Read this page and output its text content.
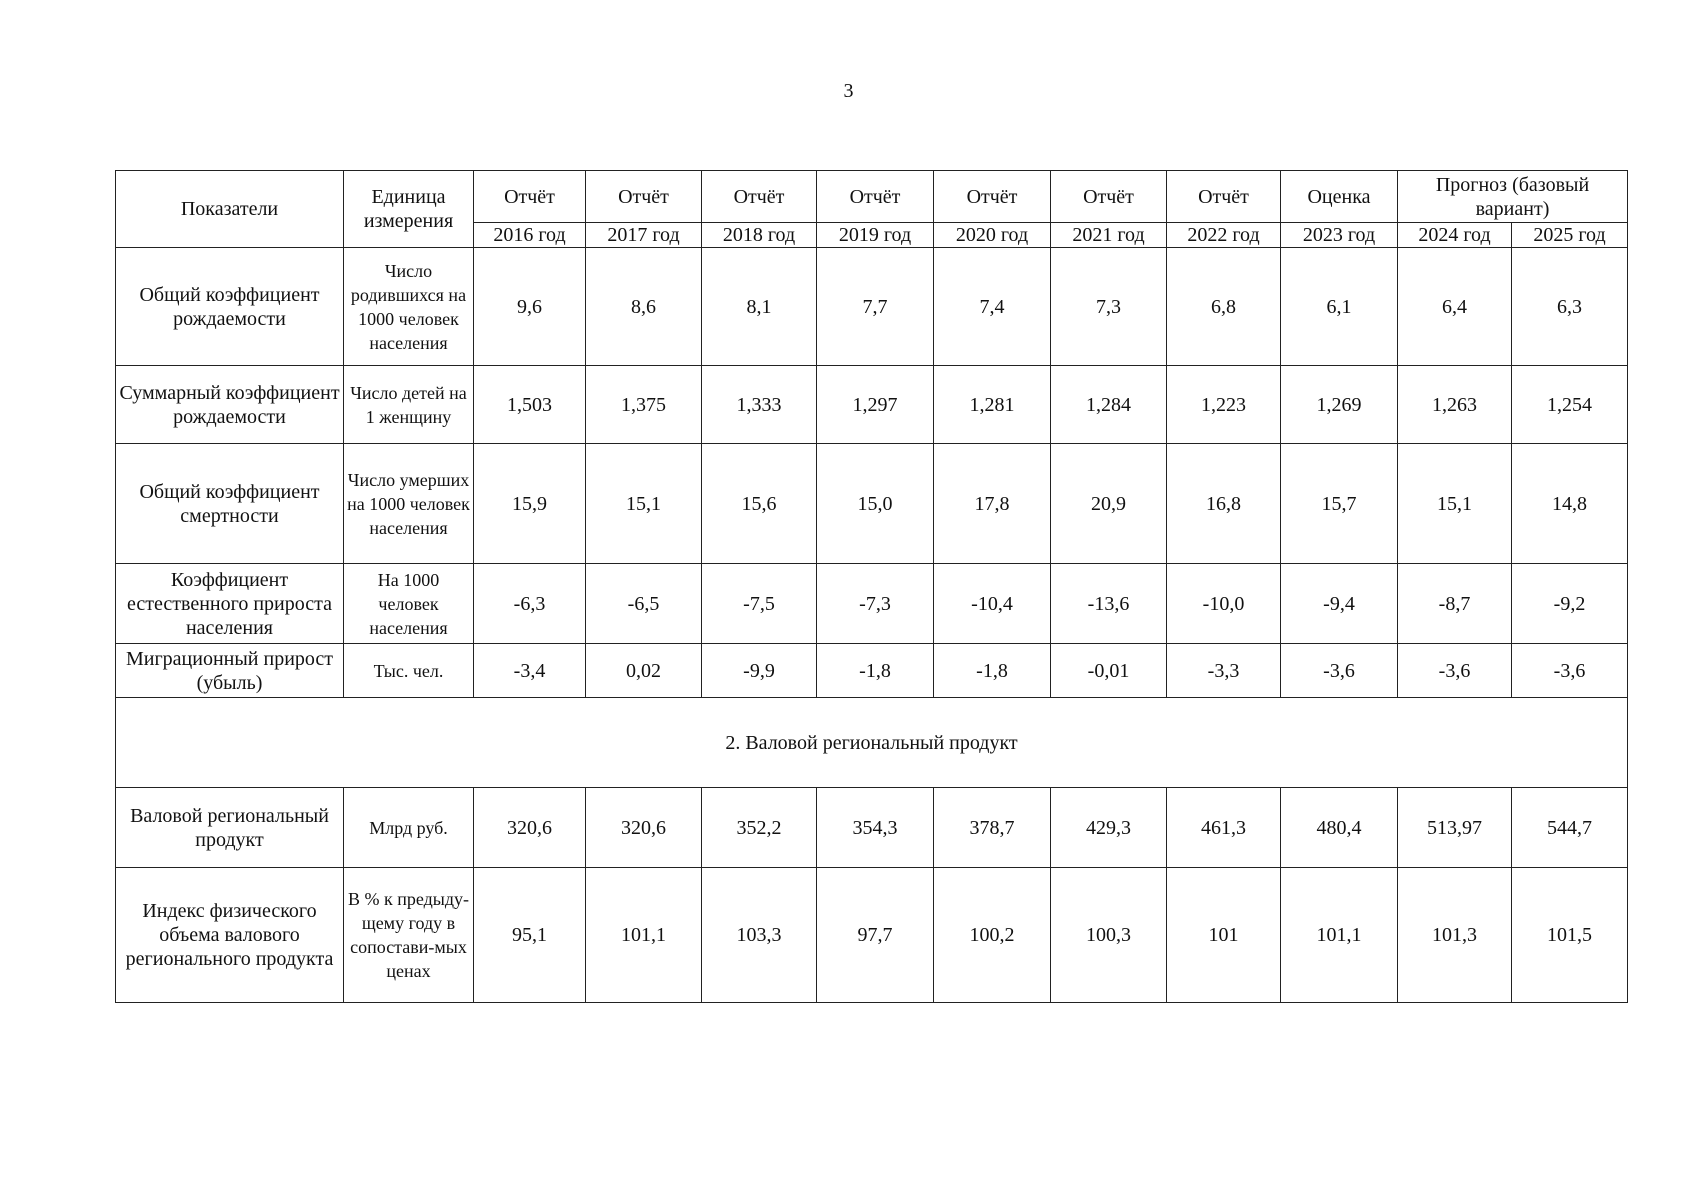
3
Показатели	Единица измерения	Отчёт	Отчёт	Отчёт	Отчёт	Отчёт	Отчёт	Отчёт	Оценка	Прогноз (базовый вариант)	
		2016 год	2017 год	2018 год	2019 год	2020 год	2021 год	2022 год	2023 год	2024 год	2025 год
Общий коэффициент рождаемости	Число родившихся на 1000 человек населения	9,6	8,6	8,1	7,7	7,4	7,3	6,8	6,1	6,4	6,3
Суммарный коэффициент рождаемости	Число детей на 1 женщину	1,503	1,375	1,333	1,297	1,281	1,284	1,223	1,269	1,263	1,254
Общий коэффициент смертности	Число умерших на 1000 человек населения	15,9	15,1	15,6	15,0	17,8	20,9	16,8	15,7	15,1	14,8
Коэффициент естественного прироста населения	На 1000 человек населения	-6,3	-6,5	-7,5	-7,3	-10,4	-13,6	-10,0	-9,4	-8,7	-9,2
Миграционный прирост (убыль)	Тыс. чел.	-3,4	0,02	-9,9	-1,8	-1,8	-0,01	-3,3	-3,6	-3,6	-3,6
2. Валовой региональный продукт											
Валовой региональный продукт	Млрд руб.	320,6	320,6	352,2	354,3	378,7	429,3	461,3	480,4	513,97	544,7
Индекс физического объема валового регионального продукта	В % к предыду-щему году в сопостави-мых ценах	95,1	101,1	103,3	97,7	100,2	100,3	101	101,1	101,3	101,5
